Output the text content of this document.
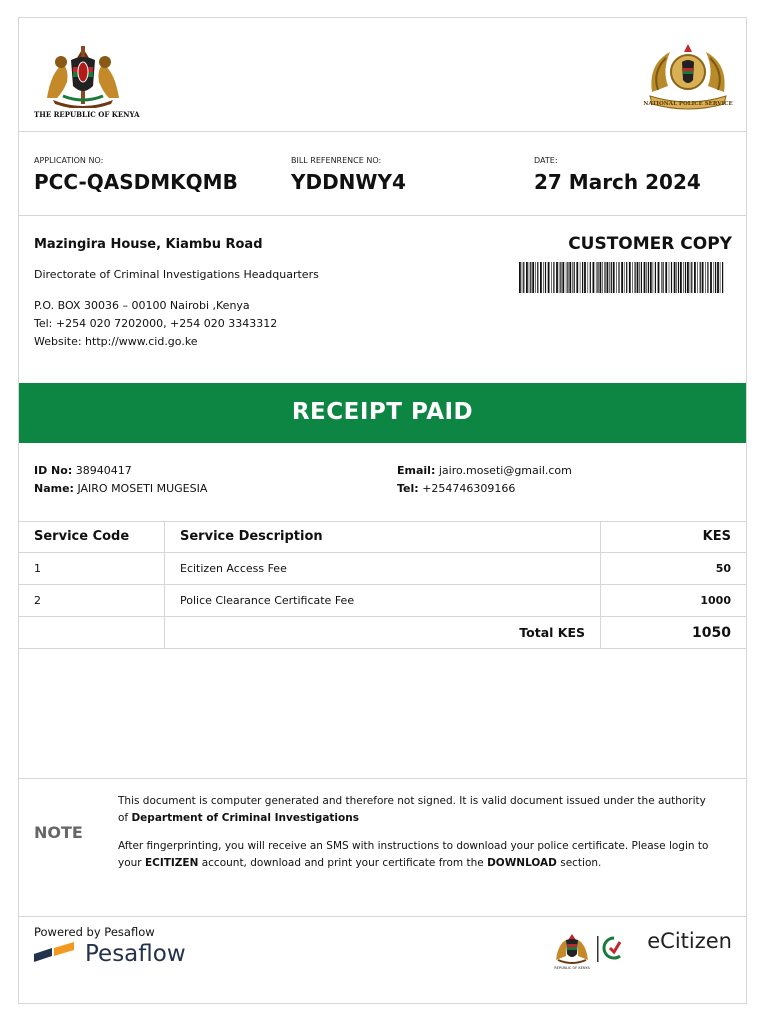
THE REPUBLIC OF KENYA
NATIONAL POLICE SERVICE
APPLICATION NO:
PCC-QASDMKQMB
BILL REFENRENCE NO:
YDDNWY4
DATE:
27 March 2024
Mazingira House, Kiambu Road
Directorate of Criminal Investigations Headquarters
P.O. BOX 30036 – 00100 Nairobi ,Kenya
Tel: +254 020 7202000, +254 020 3343312
Website: http://www.cid.go.ke
CUSTOMER COPY
RECEIPT PAID
ID No: 38940417
Name: JAIRO MOSETI MUGESIA
Email: jairo.moseti@gmail.com
Tel: +254746309166
Service Code	Service Description	KES
1	Ecitizen Access Fee	50
2	Police Clearance Certificate Fee	1000
	Total KES	1050
NOTE

This document is computer generated and therefore not signed. It is valid document issued under the authority of Department of Criminal Investigations

After fingerprinting, you will receive an SMS with instructions to download your police certificate. Please login to your ECITIZEN account, download and print your certificate from the DOWNLOAD section.

Powered by Pesaflow
Pesaflow
REPUBLIC OF KENYA
eCitizen
